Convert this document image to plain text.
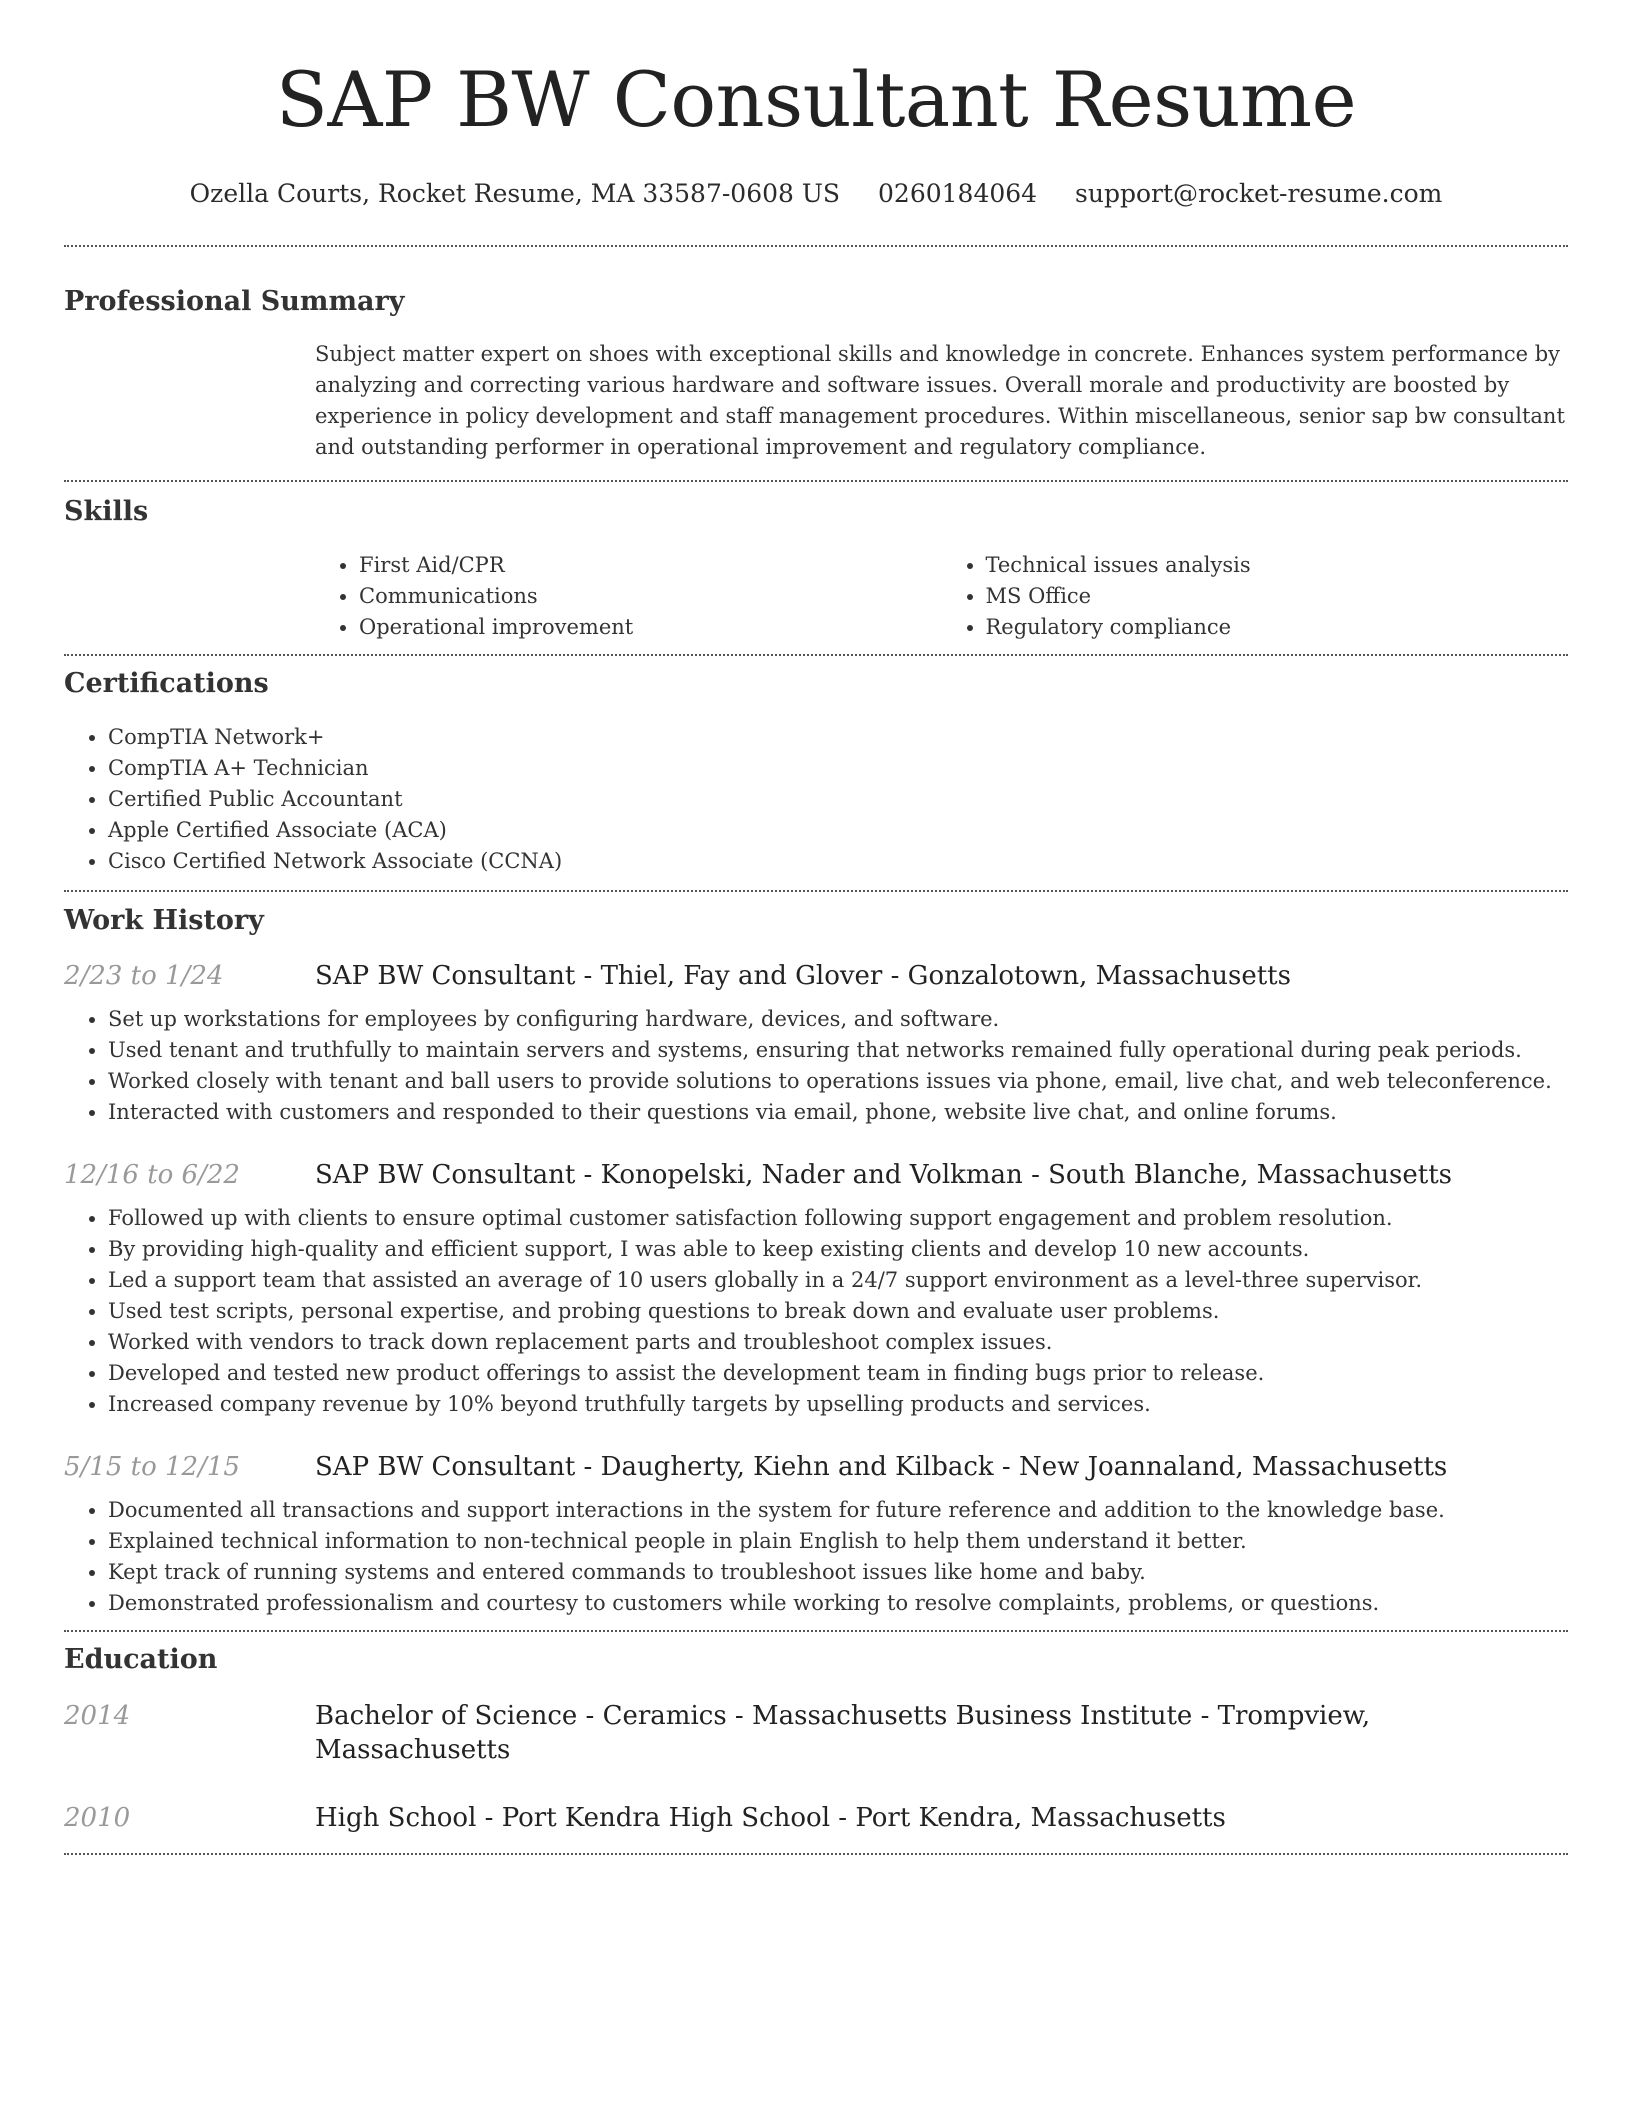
SAP BW Consultant Resume
Ozella Courts, Rocket Resume, MA 33587-0608 US 0260184064 support@rocket-resume.com
Professional Summary
Subject matter expert on shoes with exceptional skills and knowledge in concrete. Enhances system performance by analyzing and correcting various hardware and software issues. Overall morale and productivity are boosted by experience in policy development and staff management procedures. Within miscellaneous, senior sap bw consultant and outstanding performer in operational improvement and regulatory compliance.
Skills
• First Aid/CPR
• Communications
• Operational improvement
• Technical issues analysis
• MS Office
• Regulatory compliance
Certifications
• CompTIA Network+
• CompTIA A+ Technician
• Certified Public Accountant
• Apple Certified Associate (ACA)
• Cisco Certified Network Associate (CCNA)
Work History
2/23 to 1/24	SAP BW Consultant - Thiel, Fay and Glover - Gonzalotown, Massachusetts
• Set up workstations for employees by configuring hardware, devices, and software.
• Used tenant and truthfully to maintain servers and systems, ensuring that networks remained fully operational during peak periods.
• Worked closely with tenant and ball users to provide solutions to operations issues via phone, email, live chat, and web teleconference.
• Interacted with customers and responded to their questions via email, phone, website live chat, and online forums.
12/16 to 6/22	SAP BW Consultant - Konopelski, Nader and Volkman - South Blanche, Massachusetts
• Followed up with clients to ensure optimal customer satisfaction following support engagement and problem resolution.
• By providing high-quality and efficient support, I was able to keep existing clients and develop 10 new accounts.
• Led a support team that assisted an average of 10 users globally in a 24/7 support environment as a level-three supervisor.
• Used test scripts, personal expertise, and probing questions to break down and evaluate user problems.
• Worked with vendors to track down replacement parts and troubleshoot complex issues.
• Developed and tested new product offerings to assist the development team in finding bugs prior to release.
• Increased company revenue by 10% beyond truthfully targets by upselling products and services.
5/15 to 12/15	SAP BW Consultant - Daugherty, Kiehn and Kilback - New Joannaland, Massachusetts
• Documented all transactions and support interactions in the system for future reference and addition to the knowledge base.
• Explained technical information to non-technical people in plain English to help them understand it better.
• Kept track of running systems and entered commands to troubleshoot issues like home and baby.
• Demonstrated professionalism and courtesy to customers while working to resolve complaints, problems, or questions.
Education
2014	Bachelor of Science - Ceramics - Massachusetts Business Institute - Trompview, Massachusetts
2010	High School - Port Kendra High School - Port Kendra, Massachusetts
